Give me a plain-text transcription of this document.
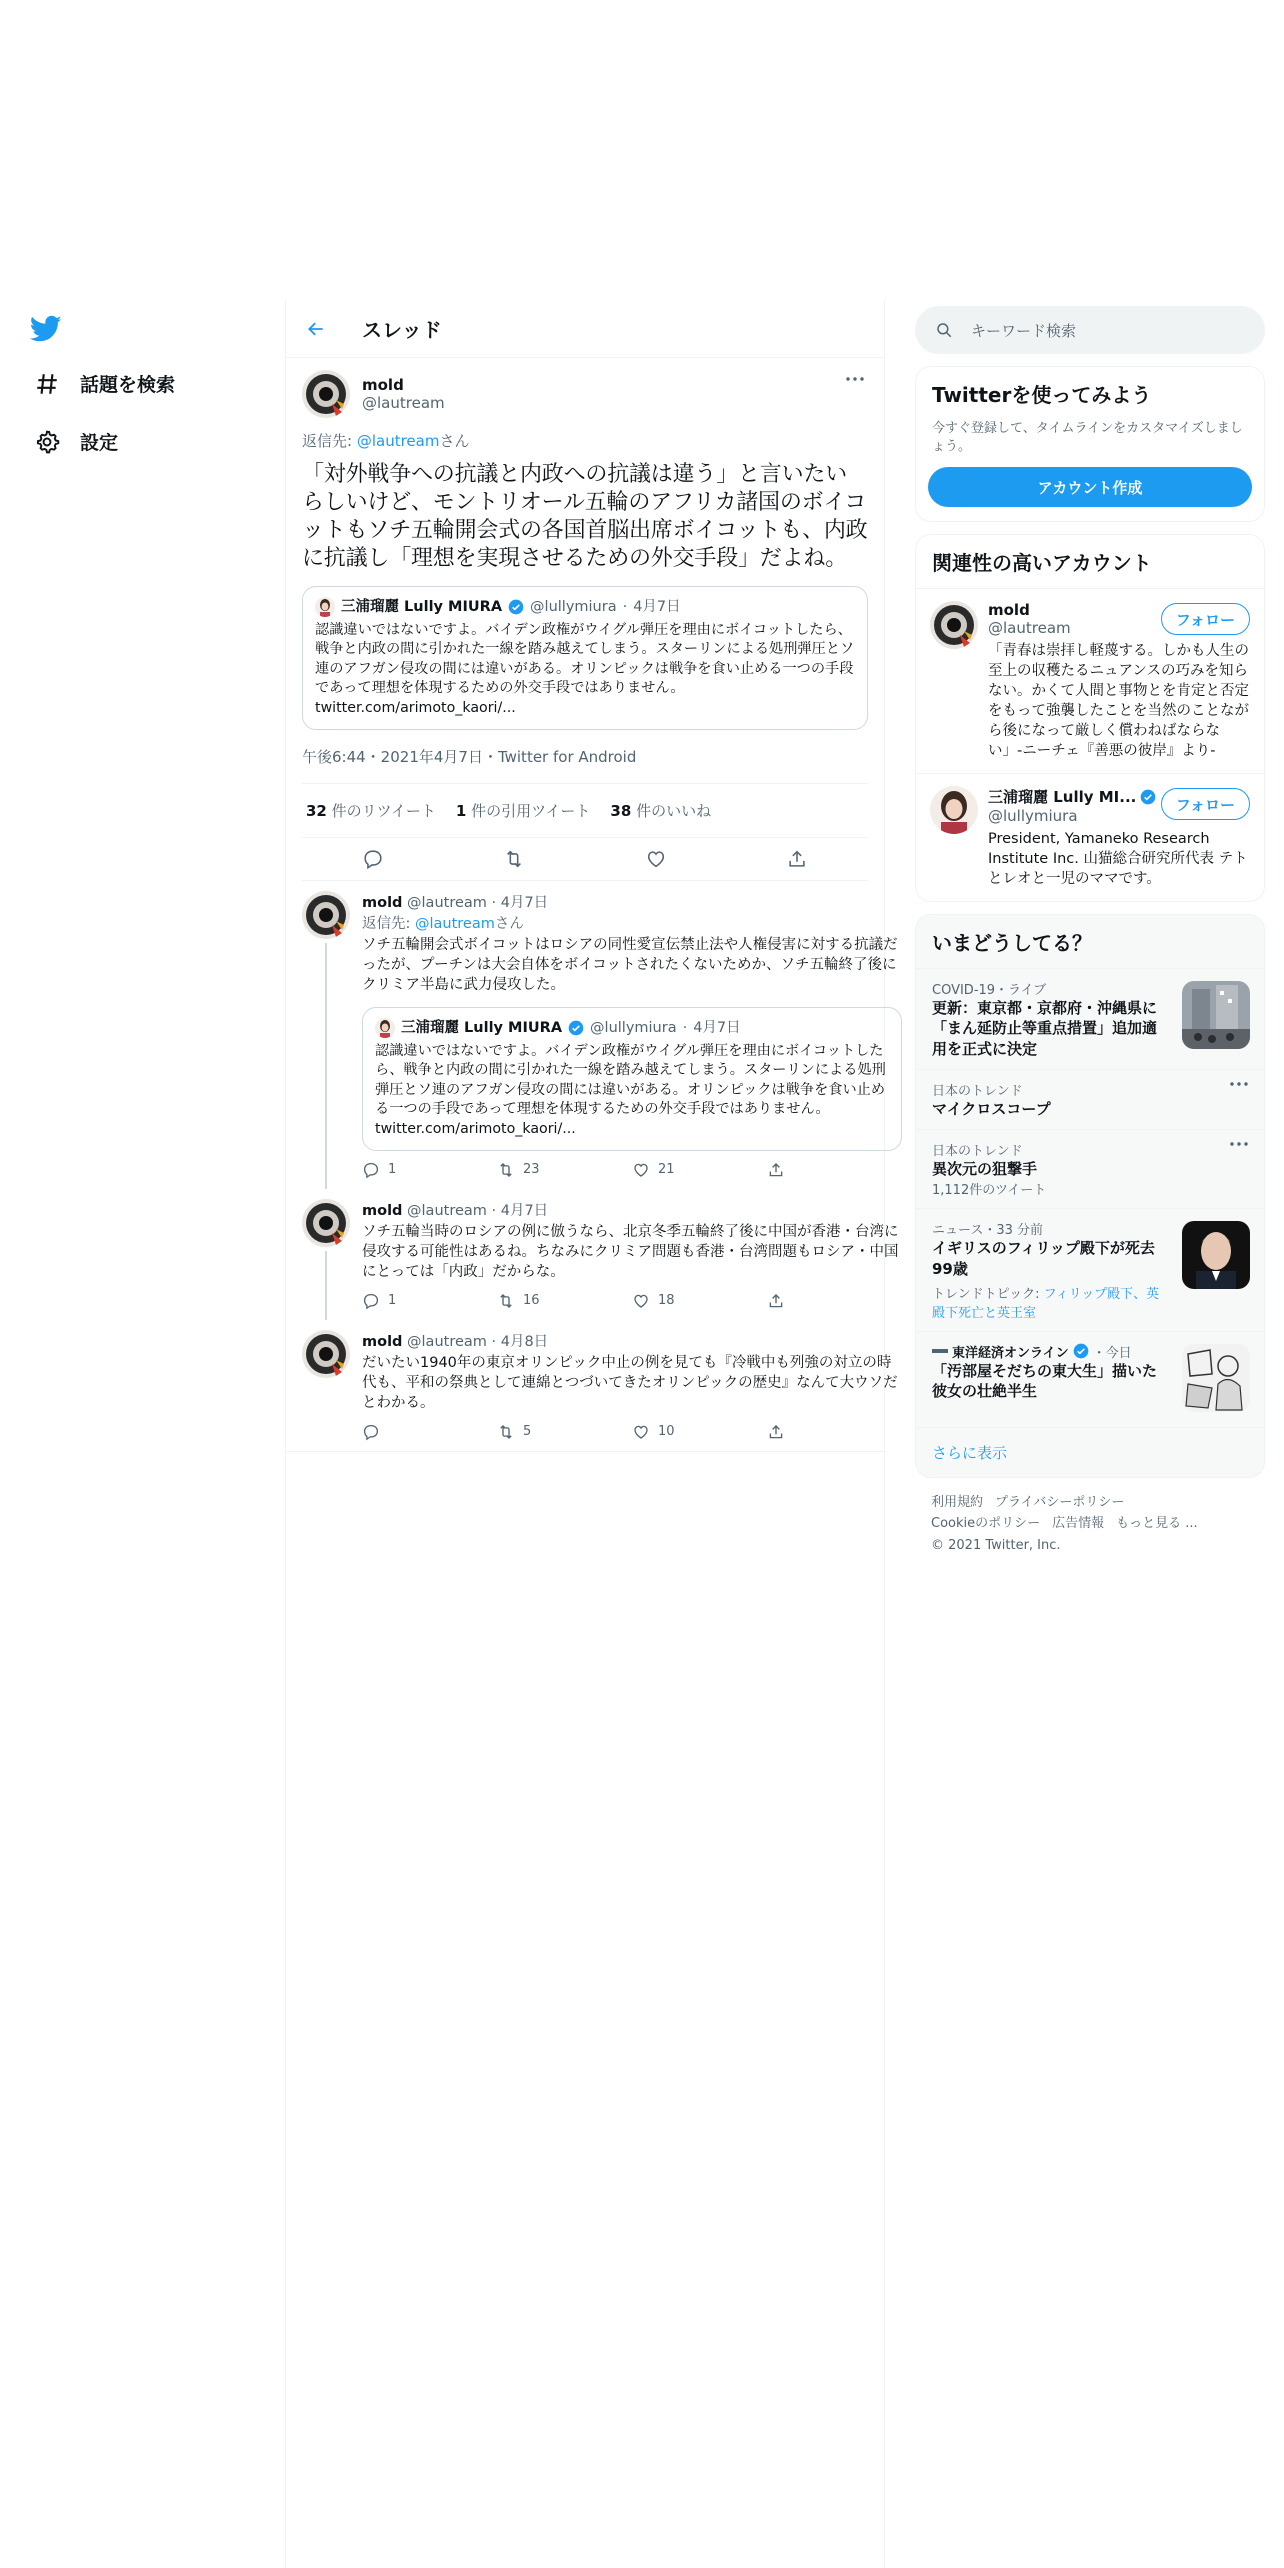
話題を検索
設定
スレッド
mold
@lautream
返信先: @lautreamさん
「対外戦争への抗議と内政への抗議は違う」と言いたいらしいけど、モントリオール五輪のアフリカ諸国のボイコットもソチ五輪開会式の各国首脳出席ボイコットも、内政に抗議し「理想を実現させるための外交手段」だよね。
三浦瑠麗 Lully MIURA @lullymiura · 4月7日
認識違いではないですよ。バイデン政権がウイグル弾圧を理由にボイコットしたら、戦争と内政の間に引かれた一線を踏み越えてしまう。スターリンによる処刑弾圧とソ連のアフガン侵攻の間には違いがある。オリンピックは戦争を食い止める一つの手段であって理想を体現するための外交手段ではありません。 twitter.com/arimoto_kaori/...
午後6:44・2021年4月7日・Twitter for Android
32 件のリツイート 1 件の引用ツイート 38 件のいいね
mold @lautream · 4月7日
返信先: @lautreamさん
ソチ五輪開会式ボイコットはロシアの同性愛宣伝禁止法や人権侵害に対する抗議だったが、プーチンは大会自体をボイコットされたくないためか、ソチ五輪終了後にクリミア半島に武力侵攻した。
三浦瑠麗 Lully MIURA @lullymiura · 4月7日
認識違いではないですよ。バイデン政権がウイグル弾圧を理由にボイコットしたら、戦争と内政の間に引かれた一線を踏み越えてしまう。スターリンによる処刑弾圧とソ連のアフガン侵攻の間には違いがある。オリンピックは戦争を食い止める一つの手段であって理想を体現するための外交手段ではありません。 twitter.com/arimoto_kaori/...
1	23	21
mold @lautream · 4月7日
ソチ五輪当時のロシアの例に倣うなら、北京冬季五輪終了後に中国が香港・台湾に侵攻する可能性はあるね。ちなみにクリミア問題も香港・台湾問題もロシア・中国にとっては「内政」だからな。
1	16	18
mold @lautream · 4月8日
だいたい1940年の東京オリンピック中止の例を見ても『冷戦中も列強の対立の時代も、平和の祭典として連綿とつづいてきたオリンピックの歴史』なんて大ウソだとわかる。
5	10
キーワード検索
Twitterを使ってみよう

今すぐ登録して、タイムラインをカスタマイズしましょう。

アカウント作成
関連性の高いアカウント
mold
@lautream
「青春は崇拝し軽蔑する。しかも人生の至上の収穫たるニュアンスの巧みを知らない。かくて人間と事物とを肯定と否定をもって強襲したことを当然のことながら後になって厳しく償わねばならない」-ニーチェ『善悪の彼岸』より-
フォロー
三浦瑠麗 Lully MI...
@lullymiura
President, Yamaneko Research Institute Inc. 山猫総合研究所代表 テトとレオと一児のママです。
フォロー
いまどうしてる？
COVID-19・ライブ
更新：東京都・京都府・沖縄県に「まん延防止等重点措置」追加適用を正式に決定
日本のトレンド
マイクロスコープ
日本のトレンド
異次元の狙撃手
1,112件のツイート
ニュース・33 分前
イギリスのフィリップ殿下が死去 99歳
トレンドトピック: フィリップ殿下、英殿下死亡と英王室
東洋経済オンライン ・今日
「汚部屋そだちの東大生」描いた彼女の壮絶半生
さらに表示
利用規約 プライバシーポリシー
Cookieのポリシー 広告情報 もっと見る ...
© 2021 Twitter, Inc.
